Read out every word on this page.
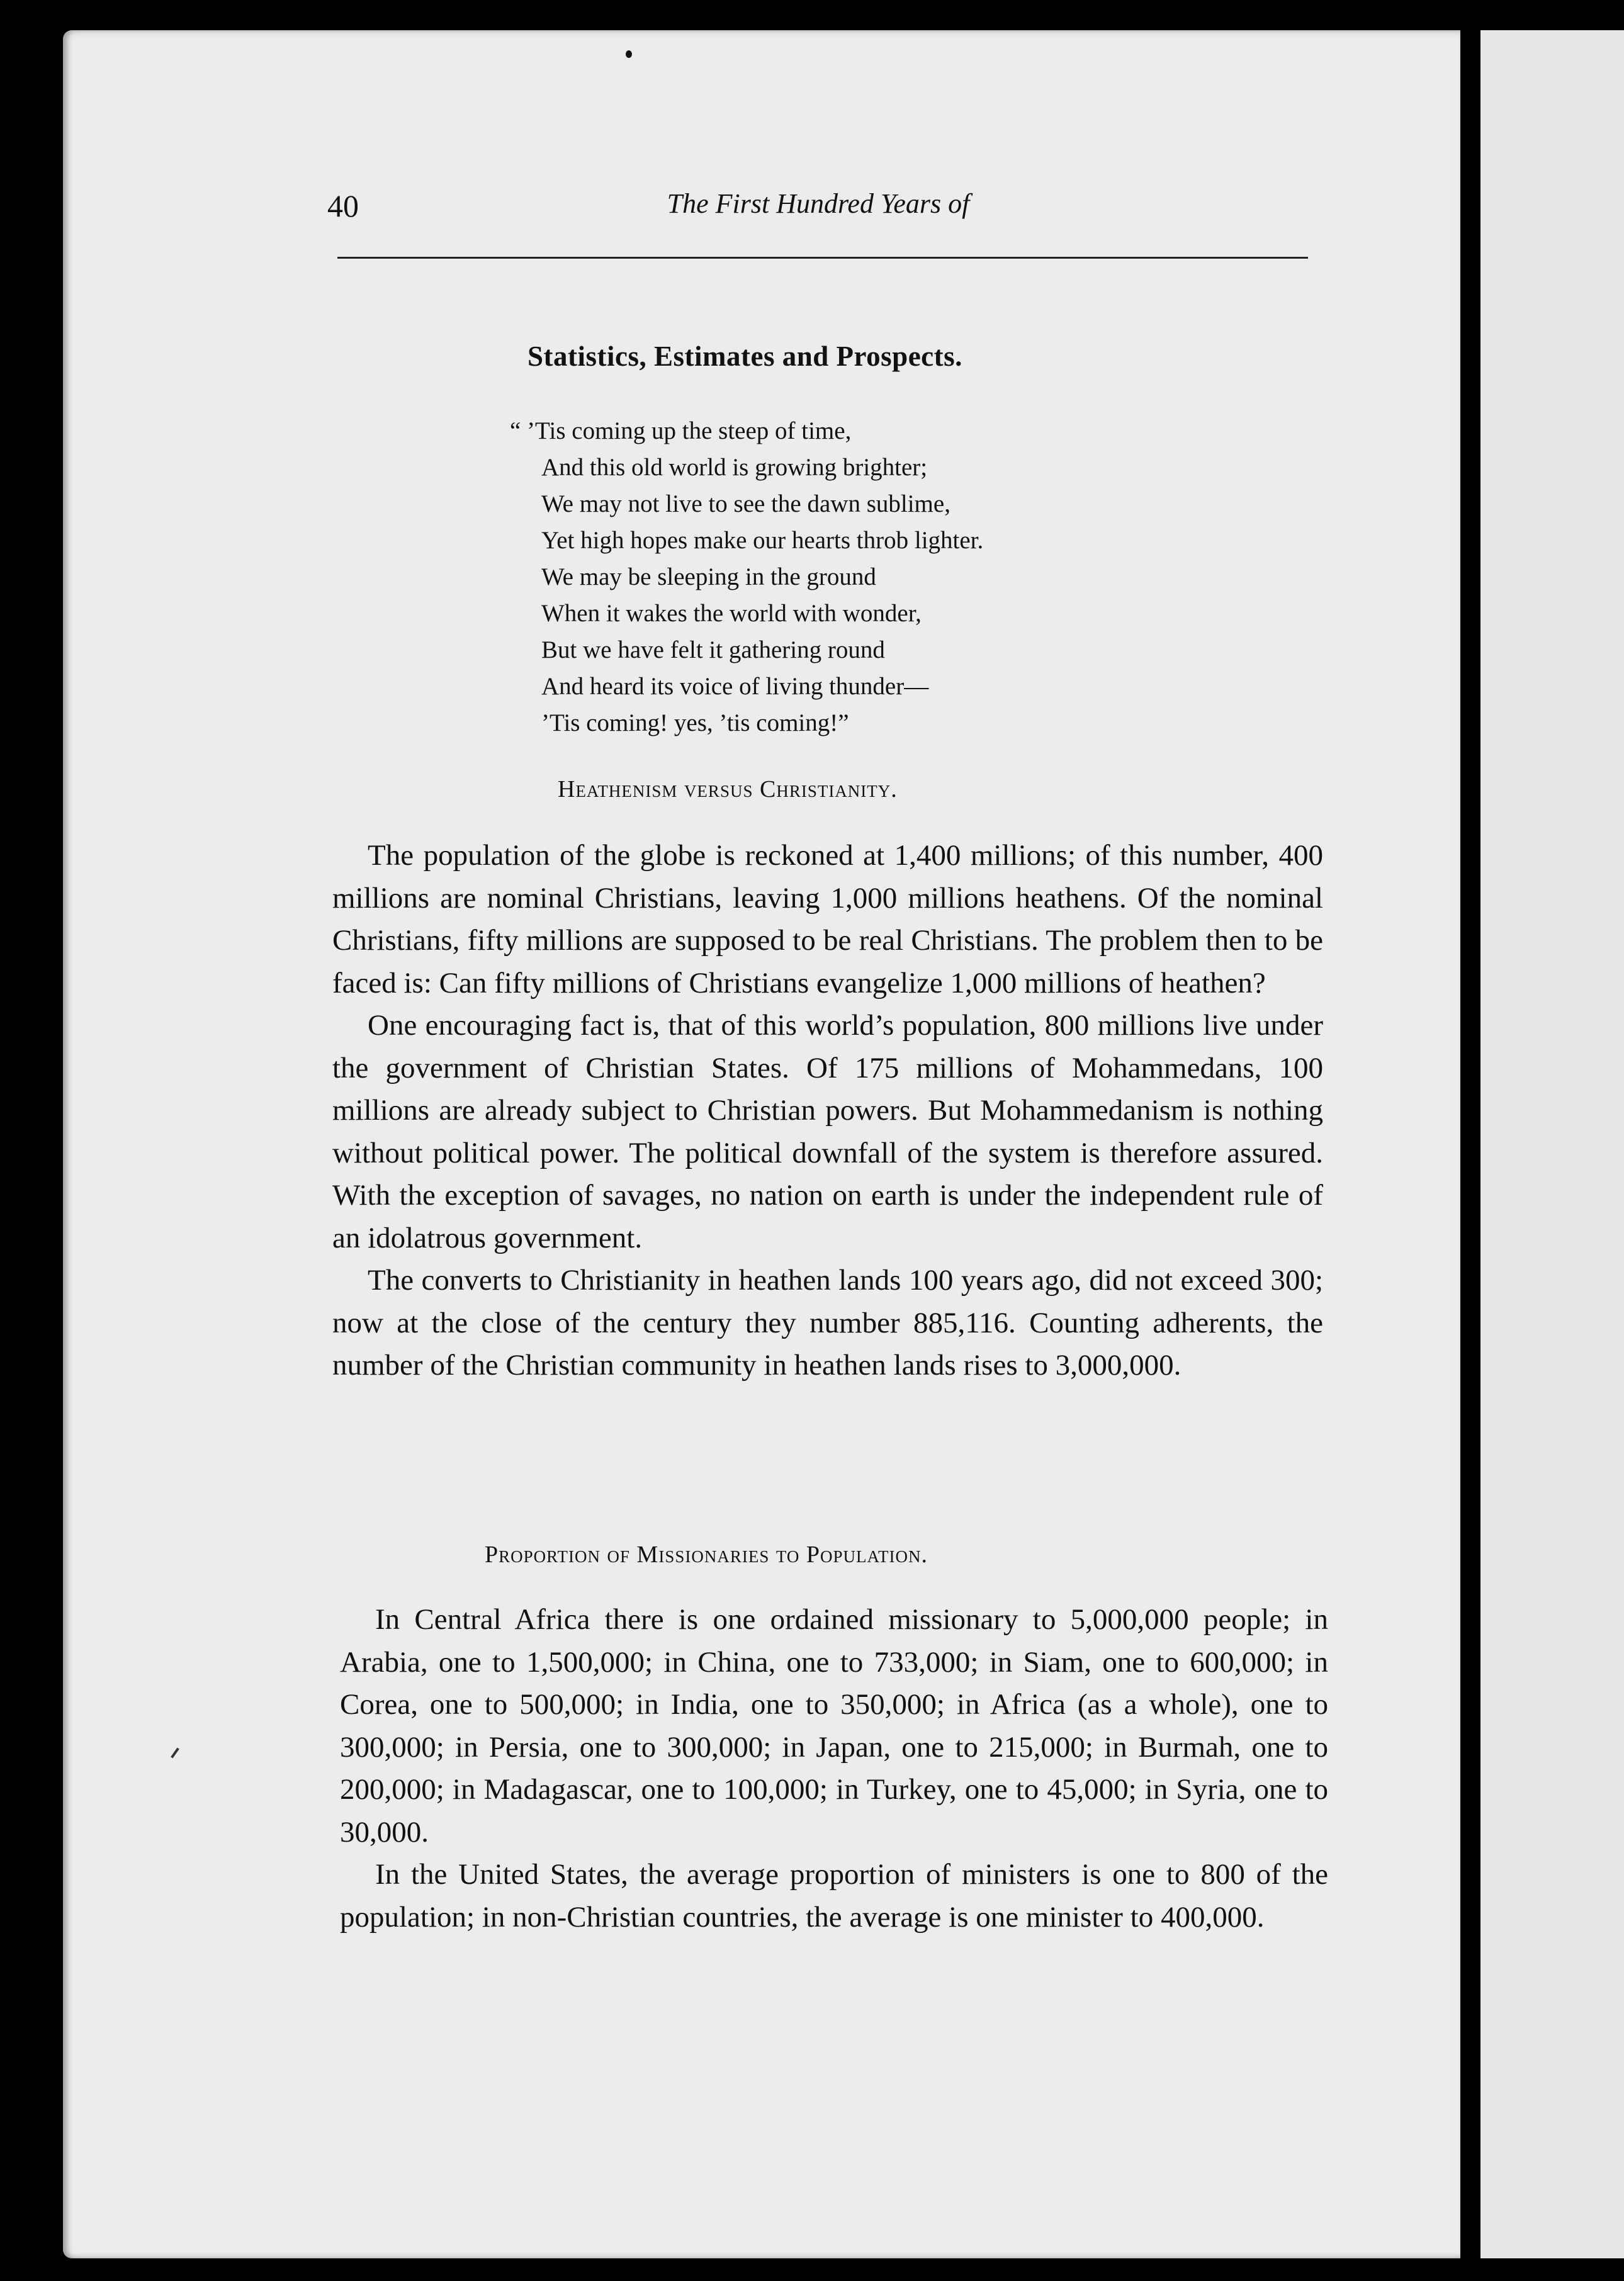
40	The First Hundred Years of
Statistics, Estimates and Prospects.
“ ’Tis coming up the steep of time,
And this old world is growing brighter;
We may not live to see the dawn sublime,
Yet high hopes make our hearts throb lighter.
We may be sleeping in the ground
When it wakes the world with wonder,
But we have felt it gathering round
And heard its voice of living thunder—
’Tis coming! yes, ’tis coming!”
Heathenism versus Christianity.

The population of the globe is reckoned at 1,400 millions; of this number, 400 millions are nominal Christians, leaving 1,000 millions heathens. Of the nominal Christians, fifty millions are supposed to be real Christians. The problem then to be faced is: Can fifty millions of Christians evangelize 1,000 millions of heathen?

One encouraging fact is, that of this world’s population, 800 millions live under the government of Christian States. Of 175 millions of Mohammedans, 100 millions are already subject to Christian powers. But Mohammedanism is nothing without political power. The political downfall of the system is therefore assured. With the exception of savages, no nation on earth is under the independent rule of an idolatrous government.

The converts to Christianity in heathen lands 100 years ago, did not exceed 300; now at the close of the century they number 885,116. Counting adherents, the number of the Christian community in heathen lands rises to 3,000,000.

Proportion of Missionaries to Population.

In Central Africa there is one ordained missionary to 5,000,000 people; in Arabia, one to 1,500,000; in China, one to 733,000; in Siam, one to 600,000; in Corea, one to 500,000; in India, one to 350,000; in Africa (as a whole), one to 300,000; in Persia, one to 300,000; in Japan, one to 215,000; in Burmah, one to 200,000; in Madagascar, one to 100,000; in Turkey, one to 45,000; in Syria, one to 30,000.

In the United States, the average proportion of ministers is one to 800 of the population; in non-Christian countries, the average is one minister to 400,000.
